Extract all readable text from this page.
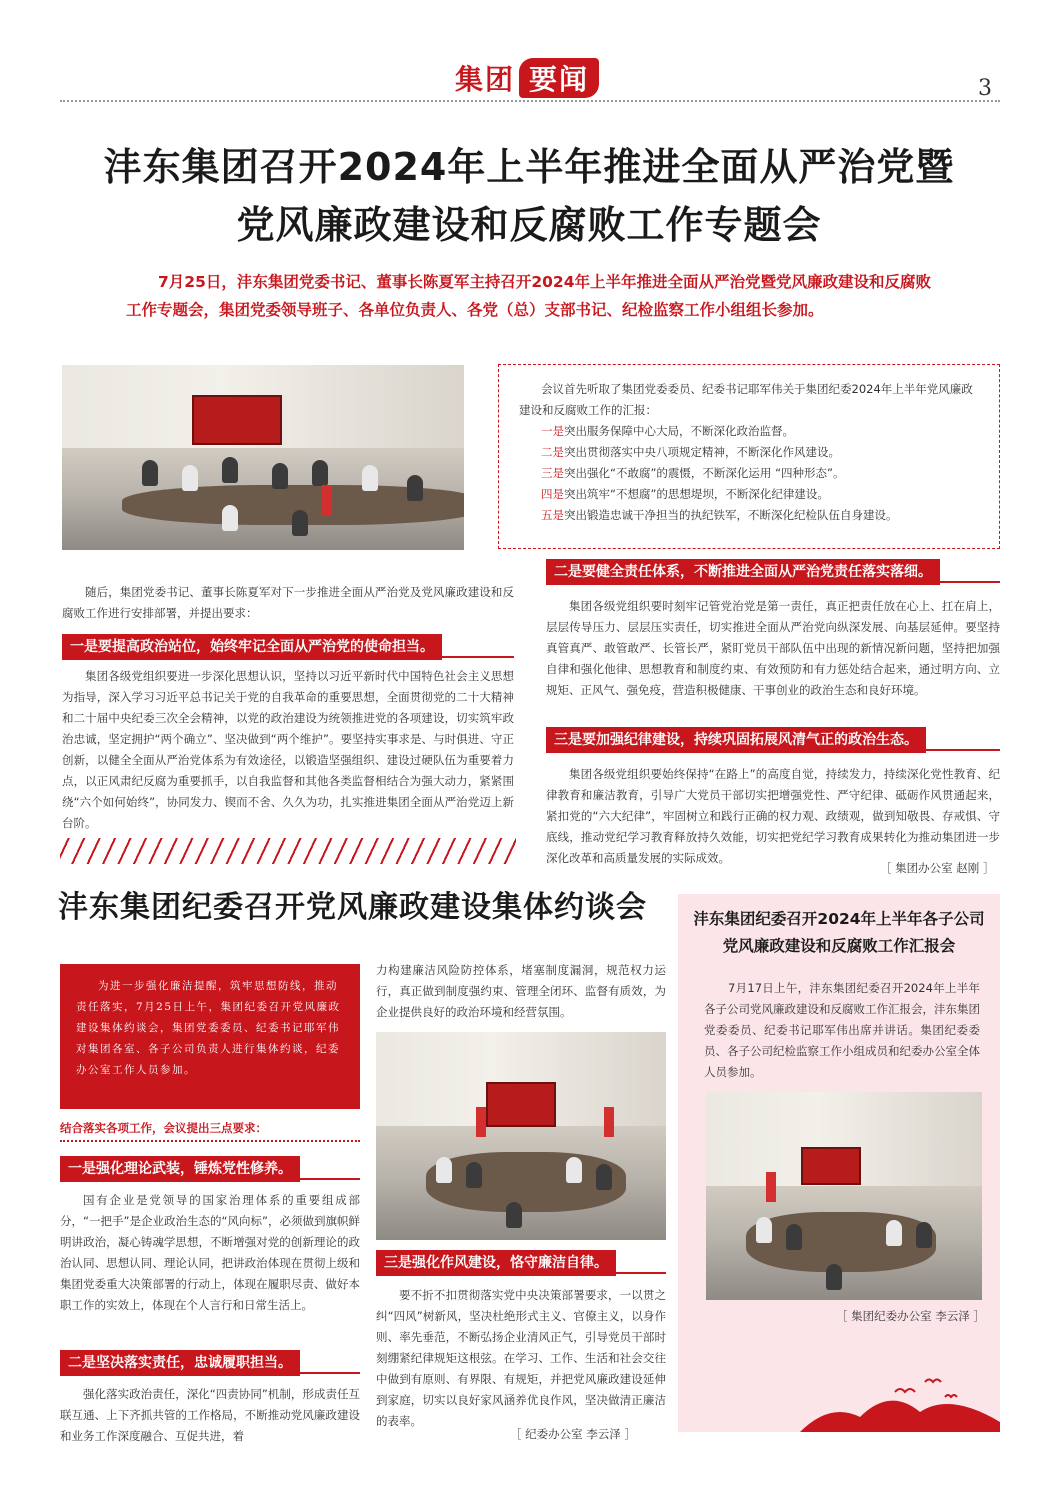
集团 要闻	3
沣东集团召开2024年上半年推进全面从严治党暨
党风廉政建设和反腐败工作专题会
7月25日，沣东集团党委书记、董事长陈夏军主持召开2024年上半年推进全面从严治党暨党风廉政建设和反腐败工作专题会，集团党委领导班子、各单位负责人、各党（总）支部书记、纪检监察工作小组组长参加。

会议首先听取了集团党委委员、纪委书记耶军伟关于集团纪委2024年上半年党风廉政建设和反腐败工作的汇报：

一是突出服务保障中心大局，不断深化政治监督。

二是突出贯彻落实中央八项规定精神，不断深化作风建设。

三是突出强化“不敢腐”的震慑，不断深化运用 “四种形态”。

四是突出筑牢“不想腐”的思想堤坝，不断深化纪律建设。

五是突出锻造忠诚干净担当的执纪铁军，不断深化纪检队伍自身建设。

随后，集团党委书记、董事长陈夏军对下一步推进全面从严治党及党风廉政建设和反腐败工作进行安排部署，并提出要求：
一是要提高政治站位，始终牢记全面从严治党的使命担当。
集团各级党组织要进一步深化思想认识，坚持以习近平新时代中国特色社会主义思想为指导，深入学习习近平总书记关于党的自我革命的重要思想，全面贯彻党的二十大精神和二十届中央纪委三次全会精神，以党的政治建设为统领推进党的各项建设，切实筑牢政治忠诚，坚定拥护“两个确立”、坚决做到“两个维护”。要坚持实事求是、与时俱进、守正创新，以健全全面从严治党体系为有效途径，以锻造坚强组织、建设过硬队伍为重要着力点，以正风肃纪反腐为重要抓手，以自我监督和其他各类监督相结合为强大动力，紧紧围绕“六个如何始终”，协同发力、锲而不舍、久久为功，扎实推进集团全面从严治党迈上新台阶。
二是要健全责任体系，不断推进全面从严治党责任落实落细。
集团各级党组织要时刻牢记管党治党是第一责任，真正把责任放在心上、扛在肩上，层层传导压力、层层压实责任，切实推进全面从严治党向纵深发展、向基层延伸。要坚持真管真严、敢管敢严、长管长严，紧盯党员干部队伍中出现的新情况新问题，坚持把加强自律和强化他律、思想教育和制度约束、有效预防和有力惩处结合起来，通过明方向、立规矩、正风气、强免疫，营造积极健康、干事创业的政治生态和良好环境。
三是要加强纪律建设，持续巩固拓展风清气正的政治生态。
集团各级党组织要始终保持“在路上”的高度自觉，持续发力，持续深化党性教育、纪律教育和廉洁教育，引导广大党员干部切实把增强党性、严守纪律、砥砺作风贯通起来，紧扣党的“六大纪律”，牢固树立和践行正确的权力观、政绩观，做到知敬畏、存戒惧、守底线，推动党纪学习教育释放持久效能，切实把党纪学习教育成果转化为推动集团进一步深化改革和高质量发展的实际成效。
［ 集团办公室 赵刚 ］
沣东集团纪委召开党风廉政建设集体约谈会

为进一步强化廉洁提醒，筑牢思想防线，推动责任落实，7月25日上午，集团纪委召开党风廉政建设集体约谈会，集团党委委员、纪委书记耶军伟对集团各室、各子公司负责人进行集体约谈，纪委办公室工作人员参加。

结合落实各项工作，会议提出三点要求：
一是强化理论武装，锤炼党性修养。
国有企业是党领导的国家治理体系的重要组成部分，“一把手”是企业政治生态的“风向标”，必须做到旗帜鲜明讲政治，凝心铸魂学思想，不断增强对党的创新理论的政治认同、思想认同、理论认同，把讲政治体现在贯彻上级和集团党委重大决策部署的行动上，体现在履职尽责、做好本职工作的实效上，体现在个人言行和日常生活上。
二是坚决落实责任，忠诚履职担当。
强化落实政治责任，深化“四责协同”机制，形成责任互联互通、上下齐抓共管的工作格局，不断推动党风廉政建设和业务工作深度融合、互促共进，着
力构建廉洁风险防控体系，堵塞制度漏洞，规范权力运行，真正做到制度强约束、管理全闭环、监督有质效，为企业提供良好的政治环境和经营氛围。
三是强化作风建设，恪守廉洁自律。
要不折不扣贯彻落实党中央决策部署要求，一以贯之纠“四风”树新风，坚决杜绝形式主义、官僚主义，以身作则、率先垂范，不断弘扬企业清风正气，引导党员干部时刻绷紧纪律规矩这根弦。在学习、工作、生活和社会交往中做到有原则、有界限、有规矩，并把党风廉政建设延伸到家庭，切实以良好家风涵养优良作风，坚决做清正廉洁的表率。
［ 纪委办公室 李云泽 ］
沣东集团纪委召开2024年上半年各子公司
党风廉政建设和反腐败工作汇报会
7月17日上午，沣东集团纪委召开2024年上半年各子公司党风廉政建设和反腐败工作汇报会，沣东集团党委委员、纪委书记耶军伟出席并讲话。集团纪委委员、各子公司纪检监察工作小组成员和纪委办公室全体人员参加。
［ 集团纪委办公室 李云泽 ］
